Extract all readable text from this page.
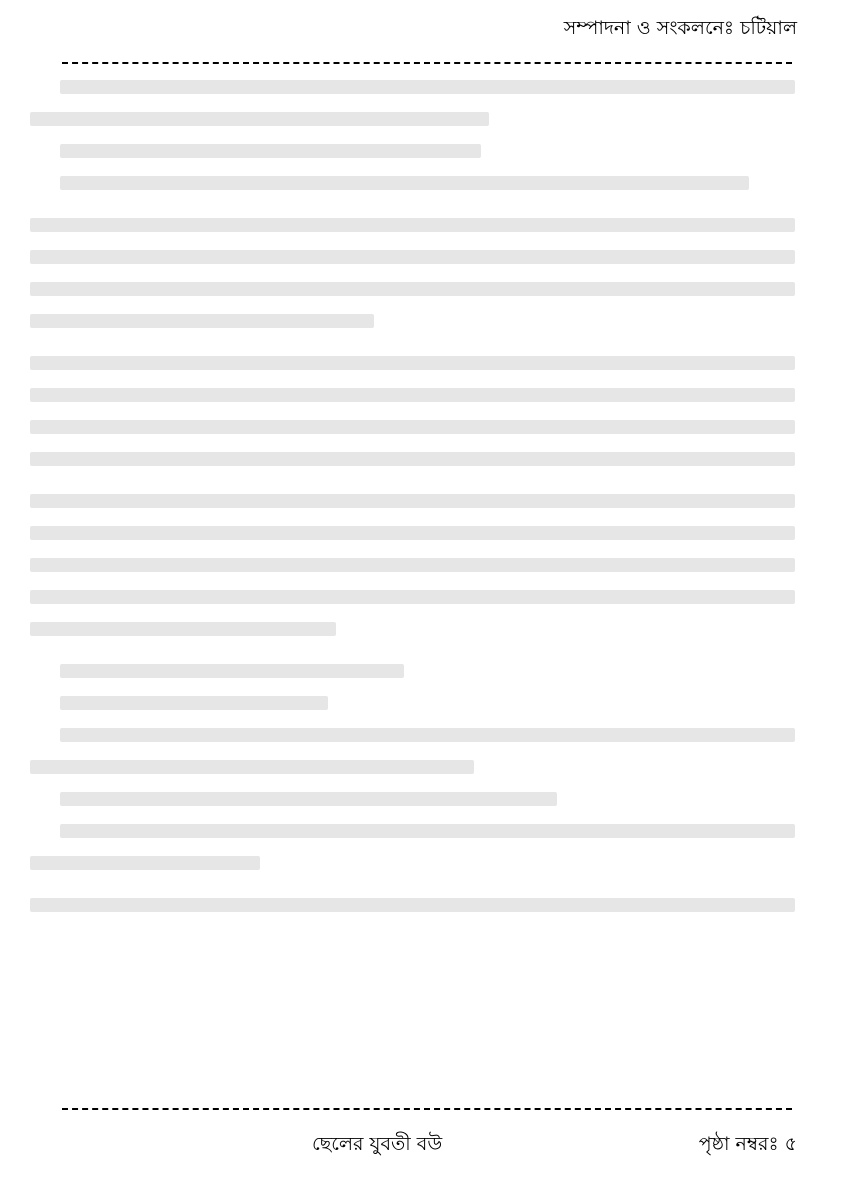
সম্পাদনা ও সংকলনেঃ চটিয়াল
ছেলের যুবতী বউ	পৃষ্ঠা নম্বরঃ ৫
